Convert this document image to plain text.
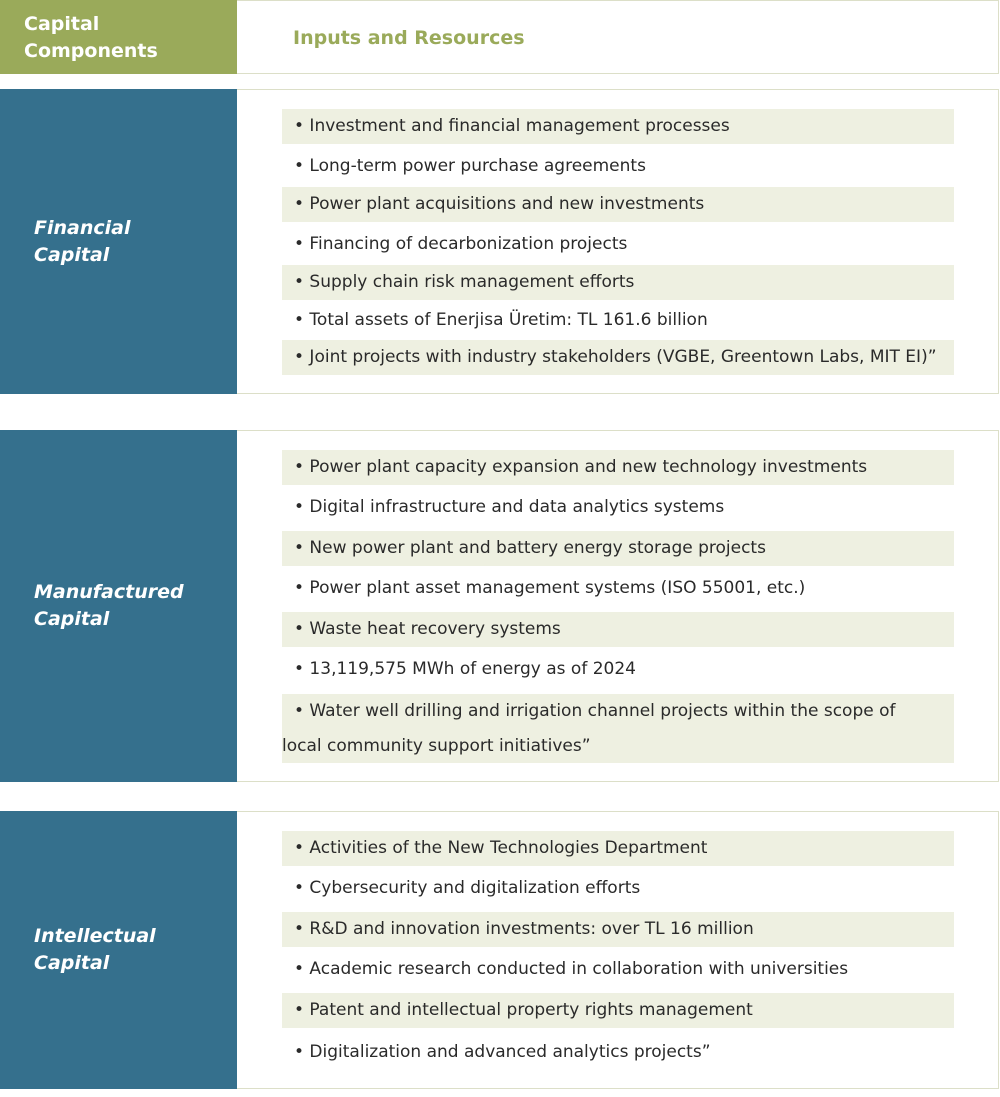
Capital
Components
Inputs and Resources
Financial
Capital
• Investment and financial management processes
• Long-term power purchase agreements
• Power plant acquisitions and new investments
• Financing of decarbonization projects
• Supply chain risk management efforts
• Total assets of Enerjisa Üretim: TL 161.6 billion
• Joint projects with industry stakeholders (VGBE, Greentown Labs, MIT EI)”
Manufactured
Capital
• Power plant capacity expansion and new technology investments
• Digital infrastructure and data analytics systems
• New power plant and battery energy storage projects
• Power plant asset management systems (ISO 55001, etc.)
• Waste heat recovery systems
• 13,119,575 MWh of energy as of 2024
• Water well drilling and irrigation channel projects within the scope of
local community support initiatives”
Intellectual
Capital
• Activities of the New Technologies Department
• Cybersecurity and digitalization efforts
• R&D and innovation investments: over TL 16 million
• Academic research conducted in collaboration with universities
• Patent and intellectual property rights management
• Digitalization and advanced analytics projects”
